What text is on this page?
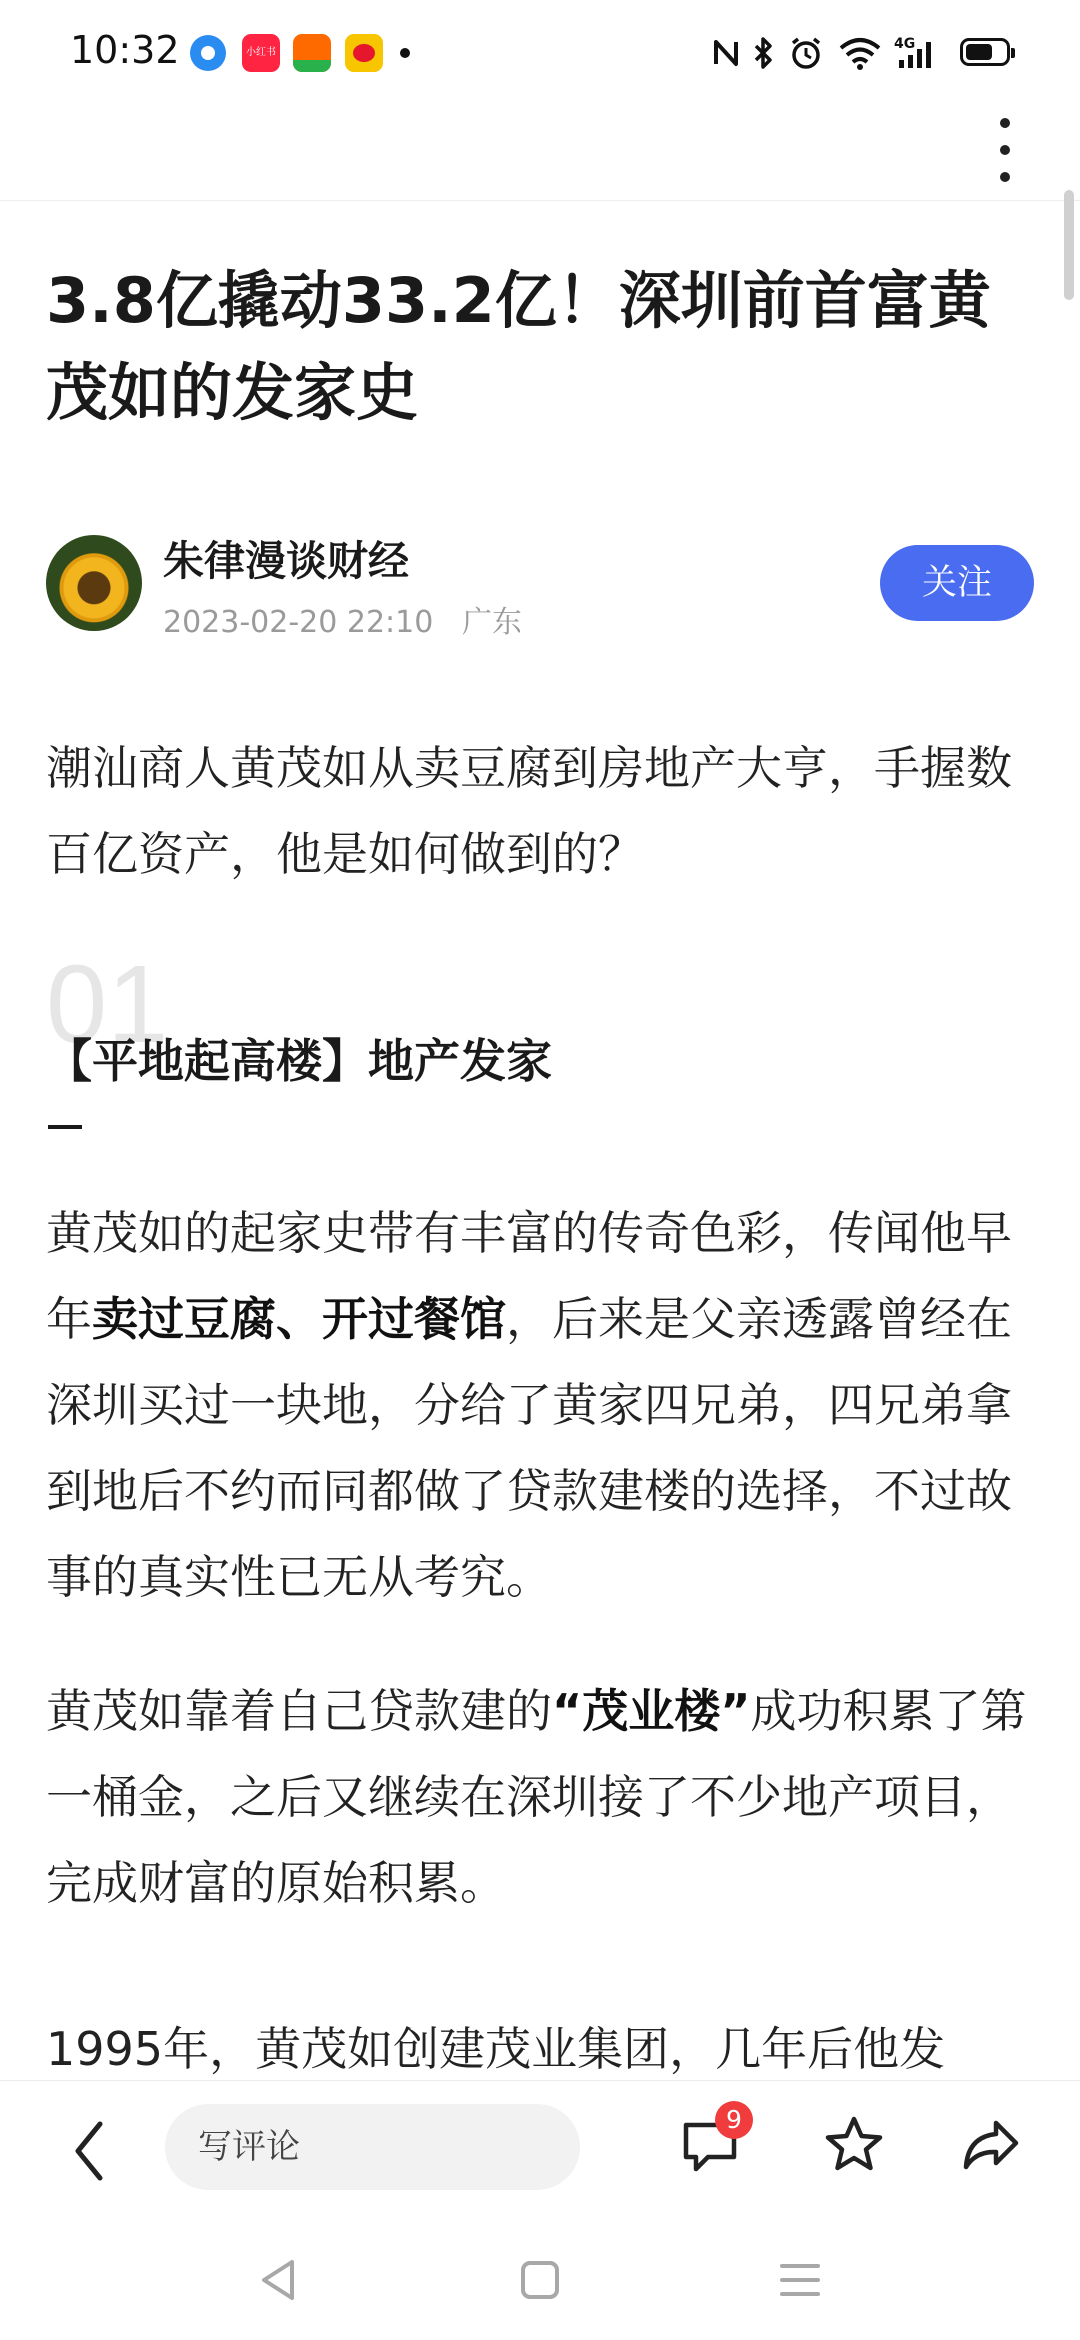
10:32	小红书
4G
3.8亿撬动33.2亿！深圳前首富黄茂如的发家史
朱律漫谈财经
2023-02-20 22:10 广东
关注

潮汕商人黄茂如从卖豆腐到房地产大亨，手握数百亿资产，他是如何做到的？

01
【平地起高楼】地产发家

黄茂如的起家史带有丰富的传奇色彩，传闻他早年卖过豆腐、开过餐馆，后来是父亲透露曾经在深圳买过一块地，分给了黄家四兄弟，四兄弟拿到地后不约而同都做了贷款建楼的选择，不过故事的真实性已无从考究。

黄茂如靠着自己贷款建的“茂业楼”成功积累了第一桶金，之后又继续在深圳接了不少地产项目，完成财富的原始积累。

1995年，黄茂如创建茂业集团，几年后他发

写评论
9
